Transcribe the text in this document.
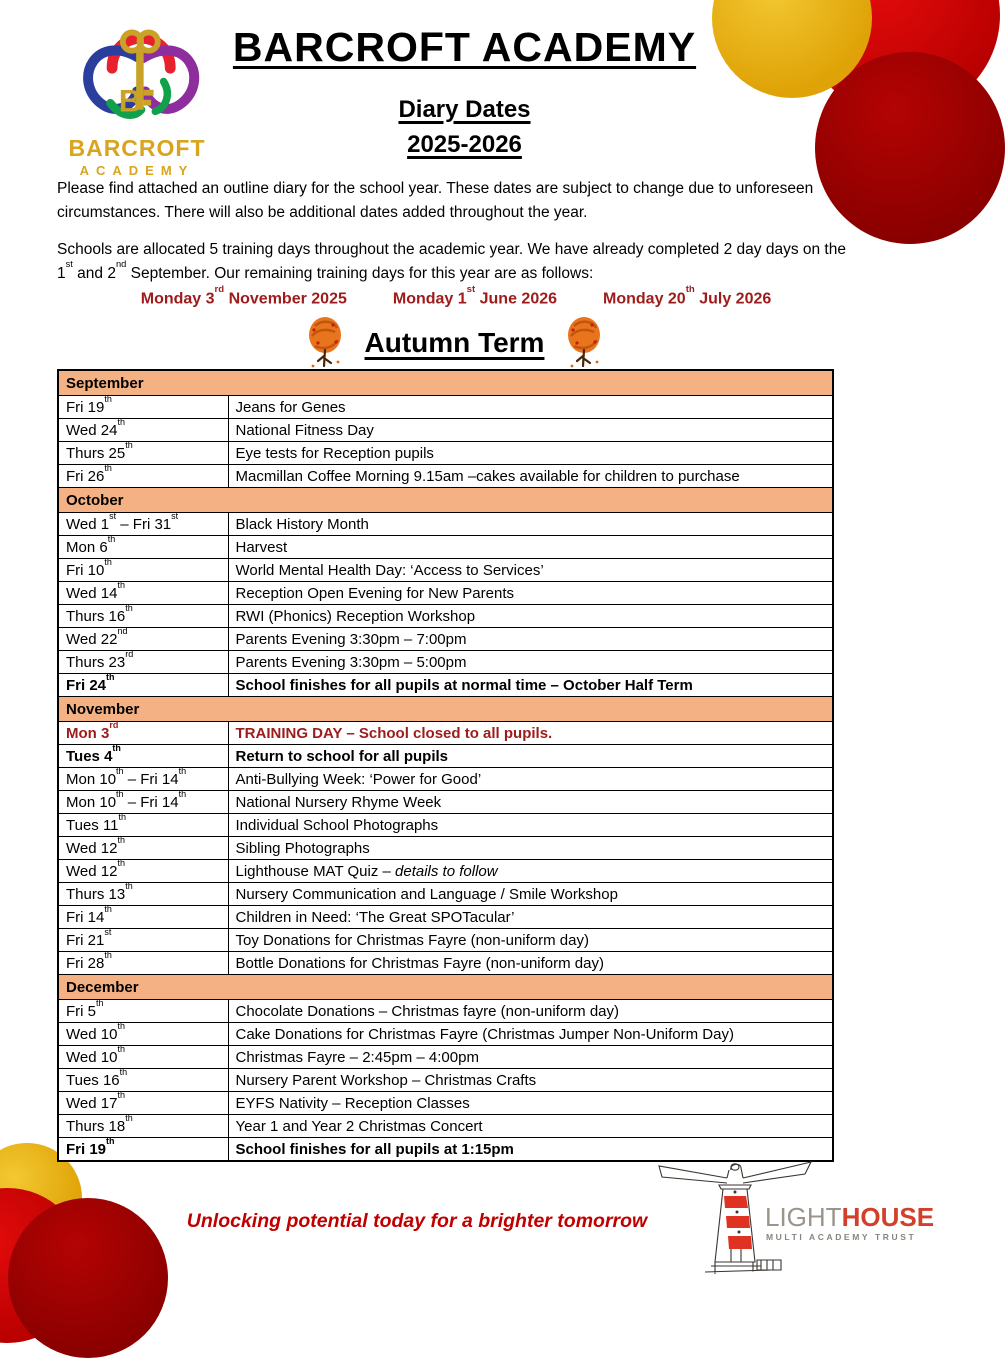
B
BARCROFT
ACADEMY
BARCROFT ACADEMY
Diary Dates
2025-2026
Please find attached an outline diary for the school year. These dates are subject to change due to unforeseen circumstances. There will also be additional dates added throughout the year.
Schools are allocated 5 training days throughout the academic year. We have already completed 2 day days on the 1st and 2nd September. Our remaining training days for this year are as follows:
Monday 3rd November 2025	Monday 1st June 2026	Monday 20th July 2026
Autumn Term
September	
Fri 19th	Jeans for Genes
Wed 24th	National Fitness Day
Thurs 25th	Eye tests for Reception pupils
Fri 26th	Macmillan Coffee Morning 9.15am –cakes available for children to purchase
October	
Wed 1st – Fri 31st	Black History Month
Mon 6th	Harvest
Fri 10th	World Mental Health Day: ‘Access to Services’
Wed 14th	Reception Open Evening for New Parents
Thurs 16th	RWI (Phonics) Reception Workshop
Wed 22nd	Parents Evening 3:30pm – 7:00pm
Thurs 23rd	Parents Evening 3:30pm – 5:00pm
Fri 24th	School finishes for all pupils at normal time – October Half Term
November	
Mon 3rd	TRAINING DAY – School closed to all pupils.
Tues 4th	Return to school for all pupils
Mon 10th – Fri 14th	Anti-Bullying Week: ‘Power for Good’
Mon 10th – Fri 14th	National Nursery Rhyme Week
Tues 11th	Individual School Photographs
Wed 12th	Sibling Photographs
Wed 12th	Lighthouse MAT Quiz – details to follow
Thurs 13th	Nursery Communication and Language / Smile Workshop
Fri 14th	Children in Need: ‘The Great SPOTacular’
Fri 21st	Toy Donations for Christmas Fayre (non-uniform day)
Fri 28th	Bottle Donations for Christmas Fayre (non-uniform day)
December	
Fri 5th	Chocolate Donations – Christmas fayre (non-uniform day)
Wed 10th	Cake Donations for Christmas Fayre (Christmas Jumper Non-Uniform Day)
Wed 10th	Christmas Fayre – 2:45pm – 4:00pm
Tues 16th	Nursery Parent Workshop – Christmas Crafts
Wed 17th	EYFS Nativity – Reception Classes
Thurs 18th	Year 1 and Year 2 Christmas Concert
Fri 19th	School finishes for all pupils at 1:15pm
Unlocking potential today for a brighter tomorrow	LIGHTHOUSE
MULTI ACADEMY TRUST
